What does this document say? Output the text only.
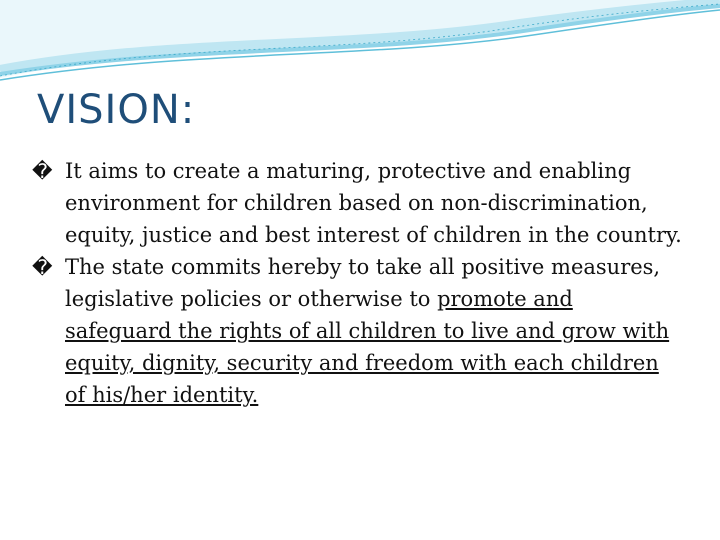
VISION:
� It aims to create a maturing, protective and enabling environment for children based on non-discrimination, equity, justice and best interest of children in the country.
� The state commits hereby to take all positive measures, legislative policies or otherwise to promote and safeguard the rights of all children to live and grow with equity, dignity, security and freedom with each children of his/her identity.
